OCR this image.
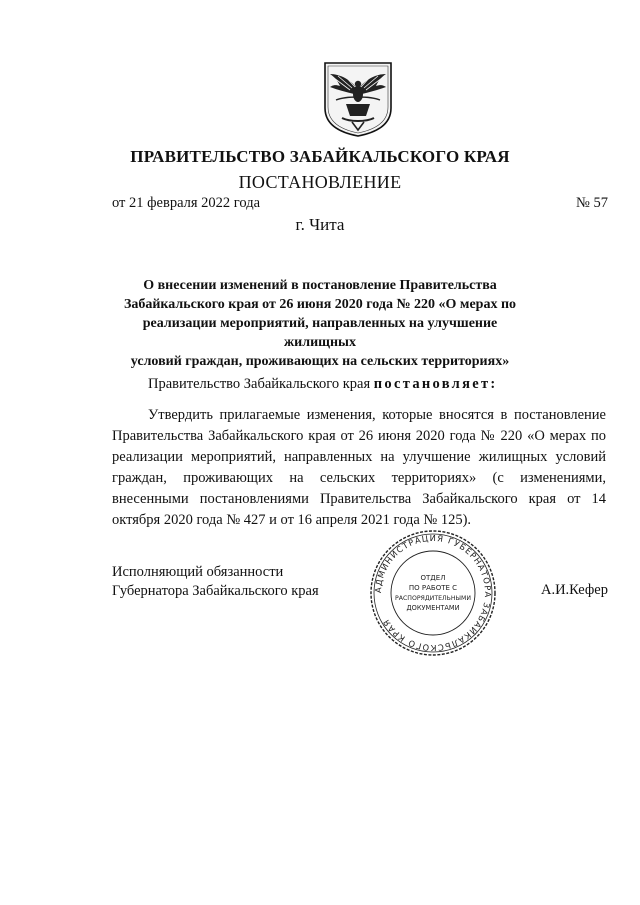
ПРАВИТЕЛЬСТВО ЗАБАЙКАЛЬСКОГО КРАЯ
ПОСТАНОВЛЕНИЕ
от 21 февраля 2022 года	№ 57
г. Чита
О внесении изменений в постановление Правительства
Забайкальского края от 26 июня 2020 года № 220 «О мерах по
реализации мероприятий, направленных на улучшение жилищных
условий граждан, проживающих на сельских территориях»
Правительство Забайкальского края постановляет:
Утвердить прилагаемые изменения, которые вносятся в постановление Правительства Забайкальского края от 26 июня 2020 года № 220 «О мерах по реализации мероприятий, направленных на улучшение жилищных условий граждан, проживающих на сельских территориях» (с изменениями, внесенными постановлениями Правительства Забайкальского края от 14 октября 2020 года № 427 и от 16 апреля 2021 года № 125).
Исполняющий обязанности
Губернатора Забайкальского края	А.И.Кефер
АДМИНИСТРАЦИЯ ГУБЕРНАТОРА ЗАБАЙКАЛЬСКОГО КРАЯ
ОТДЕЛ
ПО РАБОТЕ С
РАСПОРЯДИТЕЛЬНЫМИ
ДОКУМЕНТАМИ
